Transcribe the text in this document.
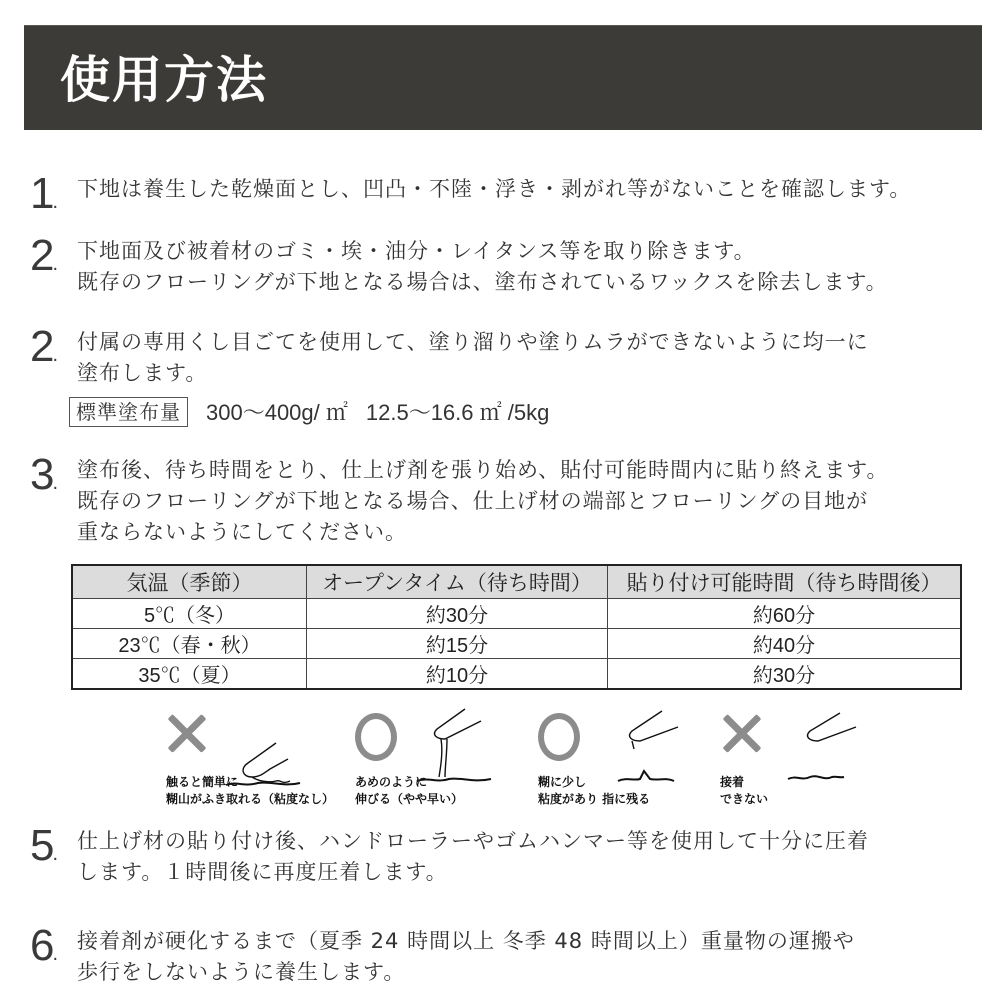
使用方法
1.
下地は養生した乾燥面とし、凹凸・不陸・浮き・剥がれ等がないことを確認します。
2.
下地面及び被着材のゴミ・埃・油分・レイタンス等を取り除きます。
既存のフローリングが下地となる場合は、塗布されているワックスを除去します。
2.
付属の専用くし目ごてを使用して、塗り溜りや塗りムラができないように均一に
塗布します。
標準塗布量	300〜400g/ ㎡ 12.5〜16.6 ㎡ /5kg
3.
塗布後、待ち時間をとり、仕上げ剤を張り始め、貼付可能時間内に貼り終えます。
既存のフローリングが下地となる場合、仕上げ材の端部とフローリングの目地が
重ならないようにしてください。
気温（季節）	オープンタイム（待ち時間）	貼り付け可能時間（待ち時間後）
5℃（冬）	約30分	約60分
23℃（春・秋）	約15分	約40分
35℃（夏）	約10分	約30分
触ると簡単に
糊山がふき取れる（粘度なし）
あめのように
伸びる（やや早い）
糊に少し
粘度があり 指に残る
接着
できない
5.
仕上げ材の貼り付け後、ハンドローラーやゴムハンマー等を使用して十分に圧着
します。１時間後に再度圧着します。
6.
接着剤が硬化するまで（夏季 24 時間以上 冬季 48 時間以上）重量物の運搬や
歩行をしないように養生します。
